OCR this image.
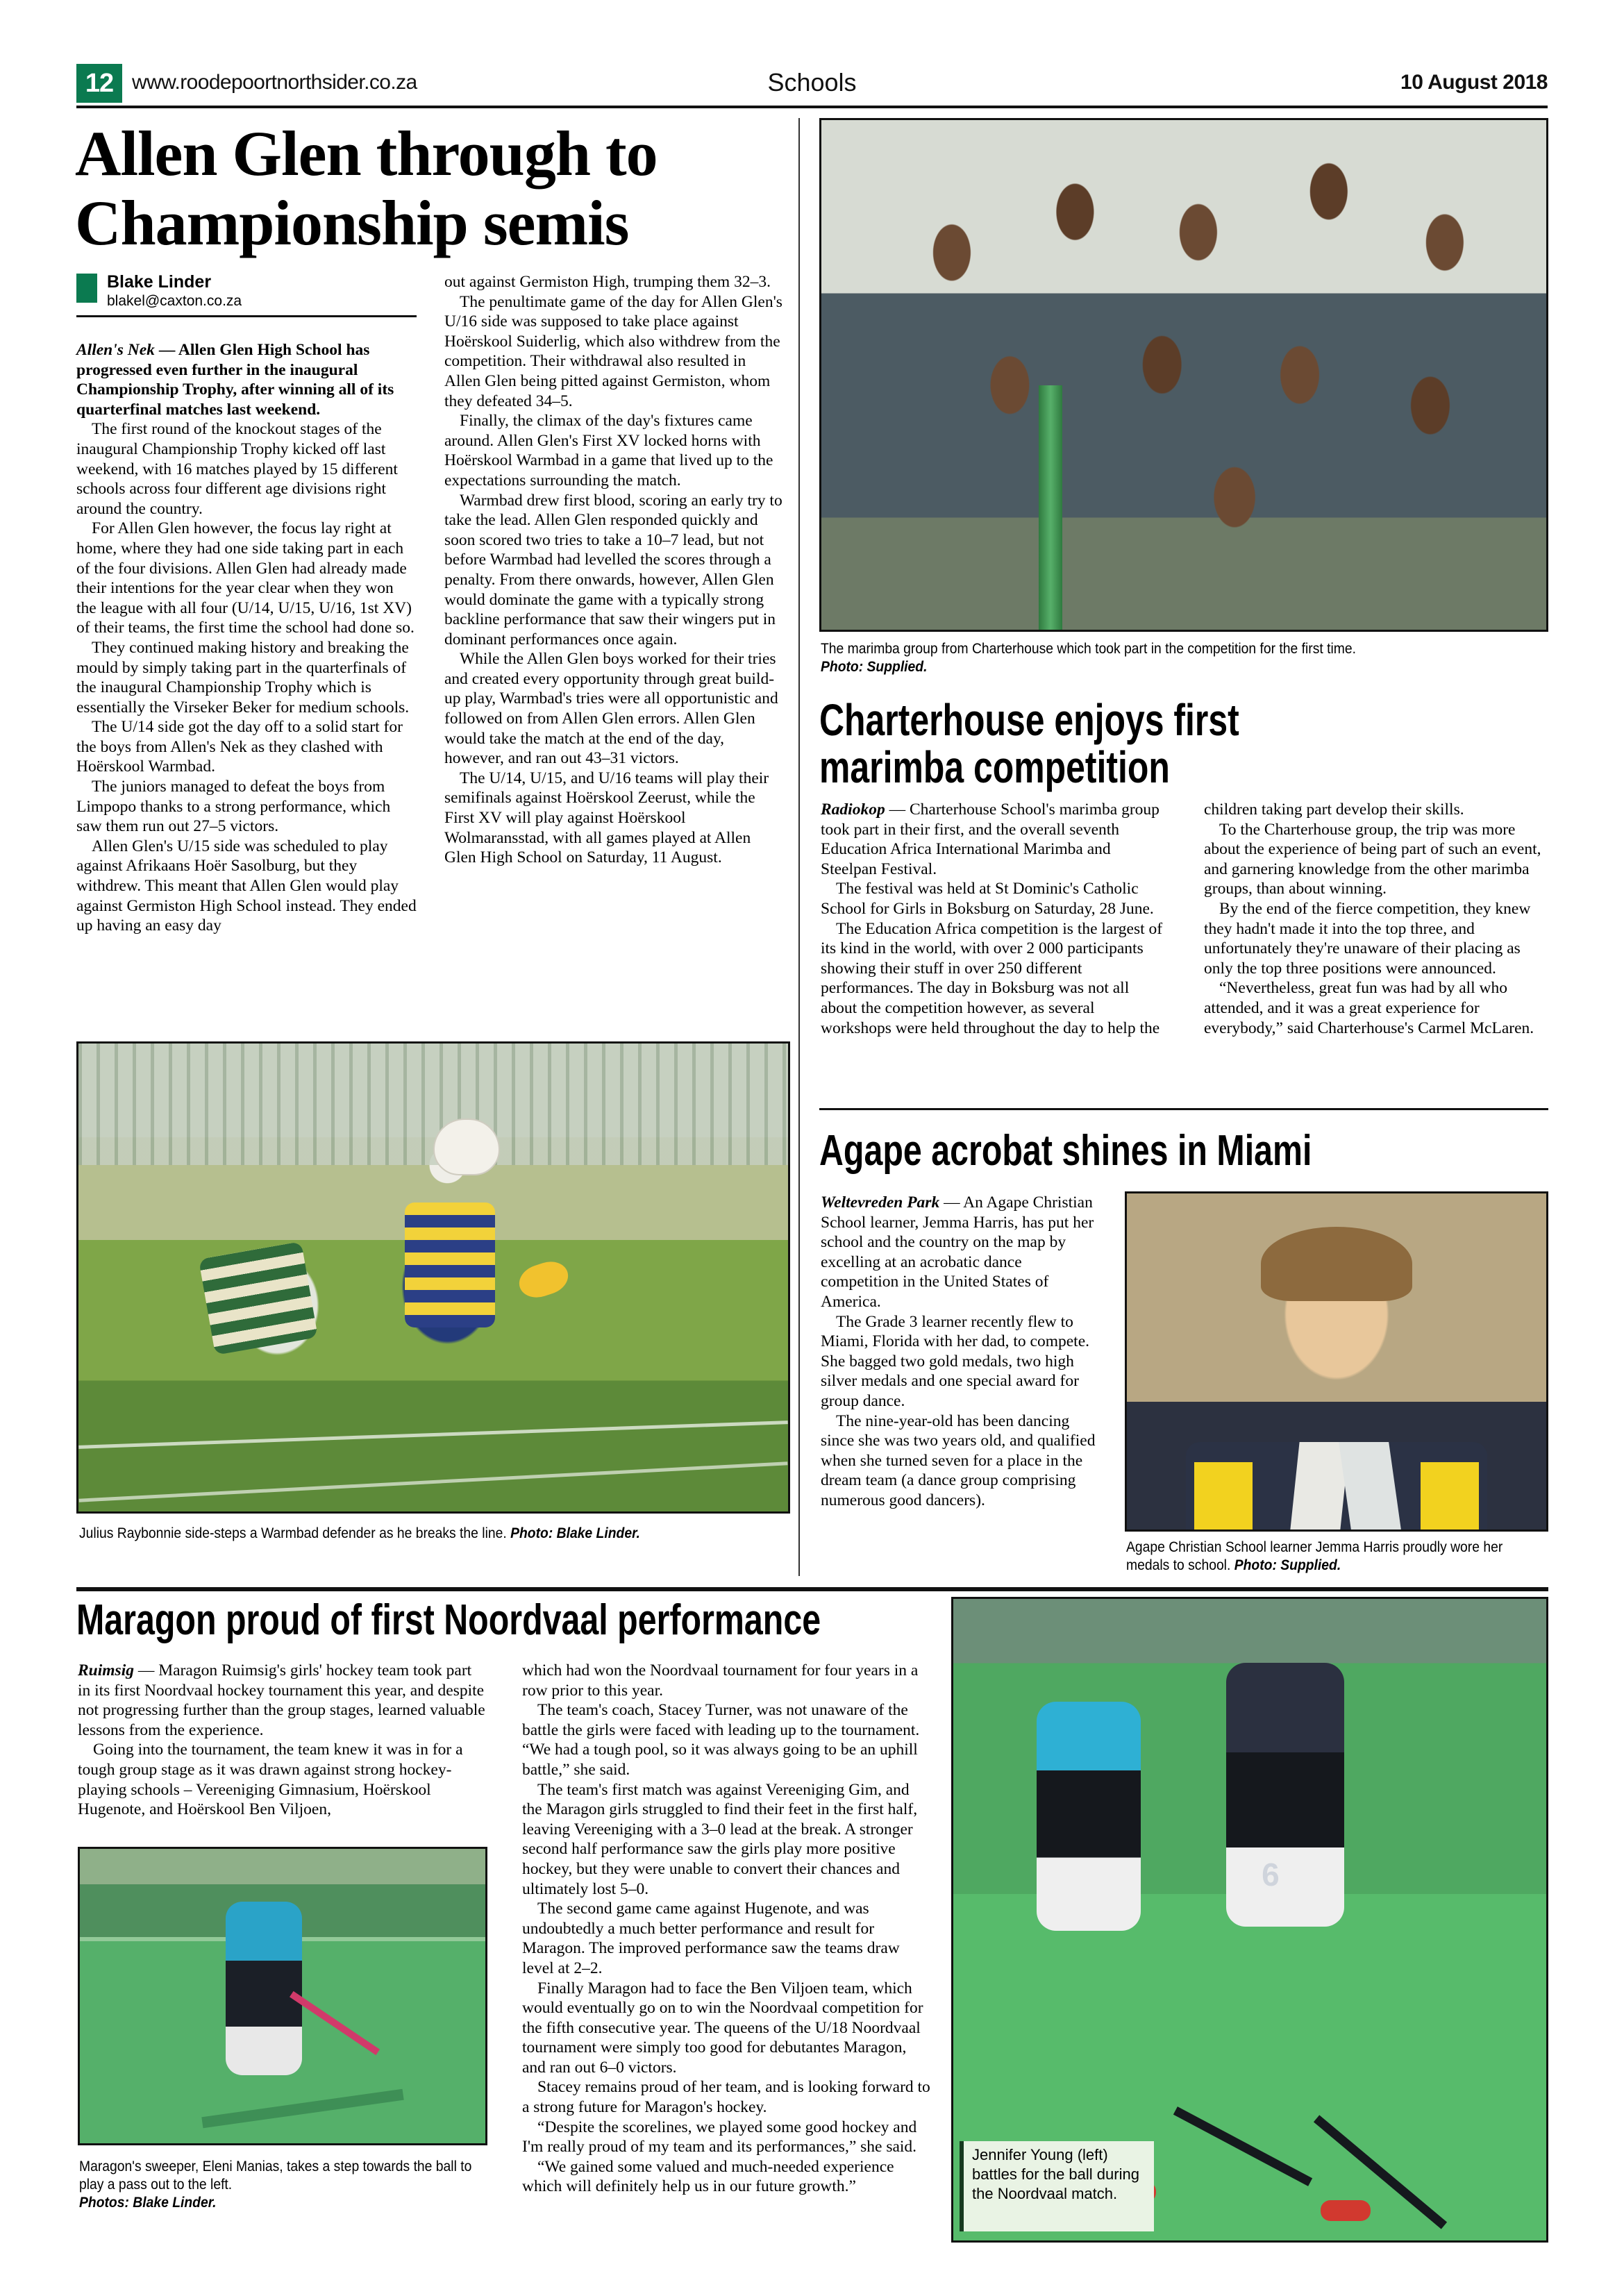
12 www.roodepoortnorthsider.co.za	Schools	10 August 2018
Allen Glen through to
Championship semis
Blake Linder
blakel@caxton.co.za

Allen's Nek — Allen Glen High School has progressed even further in the inaugural Championship Trophy, after winning all of its quarterfinal matches last weekend.

The first round of the knockout stages of the inaugural Championship Trophy kicked off last weekend, with 16 matches played by 15 different schools across four different age divisions right around the country.

For Allen Glen however, the focus lay right at home, where they had one side taking part in each of the four divisions. Allen Glen had already made their intentions for the year clear when they won the league with all four (U/14, U/15, U/16, 1st XV) of their teams, the first time the school had done so.

They continued making history and breaking the mould by simply taking part in the quarterfinals of the inaugural Championship Trophy which is essentially the Virseker Beker for medium schools.

The U/14 side got the day off to a solid start for the boys from Allen's Nek as they clashed with Hoërskool Warmbad.

The juniors managed to defeat the boys from Limpopo thanks to a strong performance, which saw them run out 27–5 victors.

Allen Glen's U/15 side was scheduled to play against Afrikaans Hoër Sasolburg, but they withdrew. This meant that Allen Glen would play against Germiston High School instead. They ended up having an easy day

out against Germiston High, trumping them 32–3.

The penultimate game of the day for Allen Glen's U/16 side was supposed to take place against Hoërskool Suiderlig, which also withdrew from the competition. Their withdrawal also resulted in Allen Glen being pitted against Germiston, whom they defeated 34–5.

Finally, the climax of the day's fixtures came around. Allen Glen's First XV locked horns with Hoërskool Warmbad in a game that lived up to the expectations surrounding the match.

Warmbad drew first blood, scoring an early try to take the lead. Allen Glen responded quickly and soon scored two tries to take a 10–7 lead, but not before Warmbad had levelled the scores through a penalty. From there onwards, however, Allen Glen would dominate the game with a typically strong backline performance that saw their wingers put in dominant performances once again.

While the Allen Glen boys worked for their tries and created every opportunity through great build-up play, Warmbad's tries were all opportunistic and followed on from Allen Glen errors. Allen Glen would take the match at the end of the day, however, and ran out 43–31 victors.

The U/14, U/15, and U/16 teams will play their semifinals against Hoërskool Zeerust, while the First XV will play against Hoërskool Wolmaransstad, with all games played at Allen Glen High School on Saturday, 11 August.

Julius Raybonnie side-steps a Warmbad defender as he breaks the line. Photo: Blake Linder.
The marimba group from Charterhouse which took part in the competition for the first time.
Photo: Supplied.
Charterhouse enjoys first
marimba competition

Radiokop — Charterhouse School's marimba group took part in their first, and the overall seventh Education Africa International Marimba and Steelpan Festival.

The festival was held at St Dominic's Catholic School for Girls in Boksburg on Saturday, 28 June.

The Education Africa competition is the largest of its kind in the world, with over 2 000 participants showing their stuff in over 250 different performances. The day in Boksburg was not all about the competition however, as several workshops were held throughout the day to help the

children taking part develop their skills.

To the Charterhouse group, the trip was more about the experience of being part of such an event, and garnering knowledge from the other marimba groups, than about winning.

By the end of the fierce competition, they knew they hadn't made it into the top three, and unfortunately they're unaware of their placing as only the top three positions were announced.

“Nevertheless, great fun was had by all who attended, and it was a great experience for everybody,” said Charterhouse's Carmel McLaren.

Agape acrobat shines in Miami

Weltevreden Park — An Agape Christian School learner, Jemma Harris, has put her school and the country on the map by excelling at an acrobatic dance competition in the United States of America.

The Grade 3 learner recently flew to Miami, Florida with her dad, to compete. She bagged two gold medals, two high silver medals and one special award for group dance.

The nine-year-old has been dancing since she was two years old, and qualified when she turned seven for a place in the dream team (a dance group comprising numerous good dancers).

Agape Christian School learner Jemma Harris proudly wore her medals to school. Photo: Supplied.
Maragon proud of first Noordvaal performance

Ruimsig — Maragon Ruimsig's girls' hockey team took part in its first Noordvaal hockey tournament this year, and despite not progressing further than the group stages, learned valuable lessons from the experience.

Going into the tournament, the team knew it was in for a tough group stage as it was drawn against strong hockey-playing schools – Vereeniging Gimnasium, Hoërskool Hugenote, and Hoërskool Ben Viljoen,

which had won the Noordvaal tournament for four years in a row prior to this year.

The team's coach, Stacey Turner, was not unaware of the battle the girls were faced with leading up to the tournament. “We had a tough pool, so it was always going to be an uphill battle,” she said.

The team's first match was against Vereeniging Gim, and the Maragon girls struggled to find their feet in the first half, leaving Vereeniging with a 3–0 lead at the break. A stronger second half performance saw the girls play more positive hockey, but they were unable to convert their chances and ultimately lost 5–0.

The second game came against Hugenote, and was undoubtedly a much better performance and result for Maragon. The improved performance saw the teams draw level at 2–2.

Finally Maragon had to face the Ben Viljoen team, which would eventually go on to win the Noordvaal competition for the fifth consecutive year. The queens of the U/18 Noordvaal tournament were simply too good for debutantes Maragon, and ran out 6–0 victors.

Stacey remains proud of her team, and is looking forward to a strong future for Maragon's hockey.

“Despite the scorelines, we played some good hockey and I'm really proud of my team and its performances,” she said.

“We gained some valued and much-needed experience which will definitely help us in our future growth.”

Maragon's sweeper, Eleni Manias, takes a step towards the ball to play a pass out to the left.
Photos: Blake Linder.
6
Jennifer Young (left) battles for the ball during the Noordvaal match.
